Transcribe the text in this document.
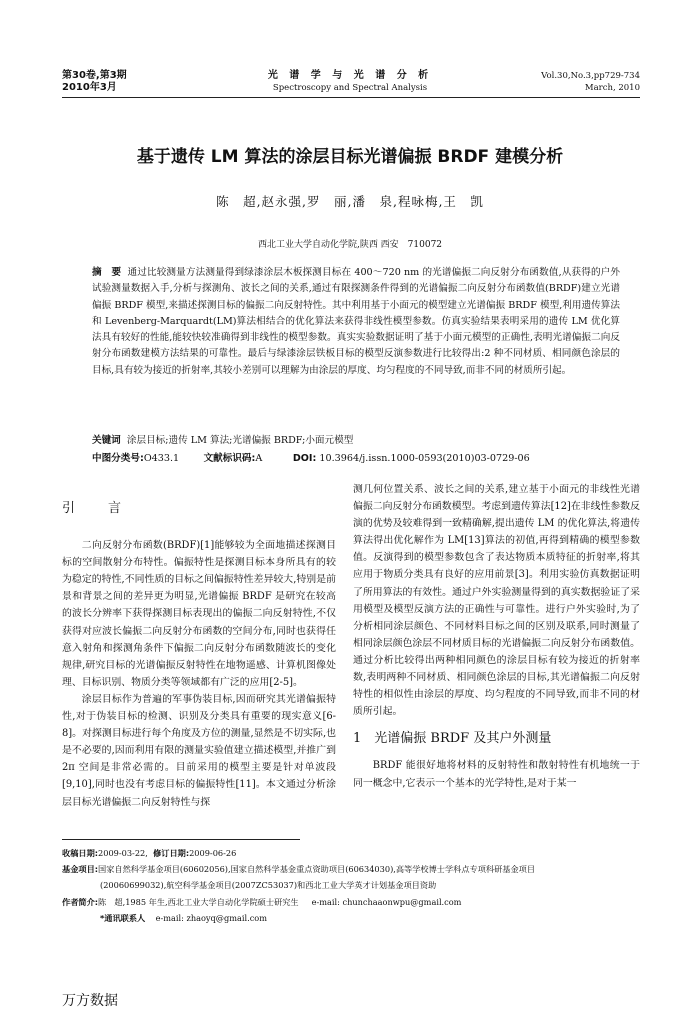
第30卷,第3期
2010年3月
光 谱 学 与 光 谱 分 析
Spectroscopy and Spectral Analysis
Vol.30,No.3,pp729-734
March, 2010
基于遗传 LM 算法的涂层目标光谱偏振 BRDF 建模分析
陈　超,赵永强,罗　丽,潘　泉,程咏梅,王　凯
西北工业大学自动化学院,陕西 西安　710072
摘　要 通过比较测量方法测量得到绿漆涂层木板探测目标在 400～720 nm 的光谱偏振二向反射分布函数值,从获得的户外试验测量数据入手,分析与探测角、波长之间的关系,通过有限探测条件得到的光谱偏振二向反射分布函数值(BRDF)建立光谱偏振 BRDF 模型,来描述探测目标的偏振二向反射特性。其中利用基于小面元的模型建立光谱偏振 BRDF 模型,利用遗传算法和 Levenberg-Marquardt(LM)算法相结合的优化算法来获得非线性模型参数。仿真实验结果表明采用的遗传 LM 优化算法具有较好的性能,能较快较准确得到非线性的模型参数。真实实验数据证明了基于小面元模型的正确性,表明光谱偏振二向反射分布函数建模方法结果的可靠性。最后与绿漆涂层铁板目标的模型反演参数进行比较得出:2 种不同材质、相同颜色涂层的目标,具有较为接近的折射率,其较小差别可以理解为由涂层的厚度、均匀程度的不同导致,而非不同的材质所引起。
关键词 涂层目标;遗传 LM 算法;光谱偏振 BRDF;小面元模型
中图分类号:O433.1	文献标识码:A	DOI: 10.3964/j.issn.1000-0593(2010)03-0729-06
引　言
二向反射分布函数(BRDF)[1]能够较为全面地描述探测目标的空间散射分布特性。偏振特性是探测目标本身所具有的较为稳定的特性,不同性质的目标之间偏振特性差异较大,特别是前景和背景之间的差异更为明显,光谱偏振 BRDF 是研究在较高的波长分辨率下获得探测目标表现出的偏振二向反射特性,不仅获得对应波长偏振二向反射分布函数的空间分布,同时也获得任意入射角和探测角条件下偏振二向反射分布函数随波长的变化规律,研究目标的光谱偏振反射特性在地物遥感、计算机图像处理、目标识别、物质分类等领域都有广泛的应用[2-5]。
涂层目标作为普遍的军事伪装目标,因而研究其光谱偏振特性,对于伪装目标的检测、识别及分类具有重要的现实意义[6-8]。对探测目标进行每个角度及方位的测量,显然是不切实际,也是不必要的,因而利用有限的测量实验值建立描述模型,并推广到 2π 空间是非常必需的。目前采用的模型主要是针对单波段[9,10],同时也没有考虑目标的偏振特性[11]。本文通过分析涂层目标光谱偏振二向反射特性与探
测几何位置关系、波长之间的关系,建立基于小面元的非线性光谱偏振二向反射分布函数模型。考虑到遗传算法[12]在非线性参数反演的优势及较难得到一致精确解,提出遗传 LM 的优化算法,将遗传算法得出优化解作为 LM[13]算法的初值,再得到精确的模型参数值。反演得到的模型参数包含了表达物质本质特征的折射率,将其应用于物质分类具有良好的应用前景[3]。利用实验仿真数据证明了所用算法的有效性。通过户外实验测量得到的真实数据验证了采用模型及模型反演方法的正确性与可靠性。进行户外实验时,为了分析相同涂层颜色、不同材料目标之间的区别及联系,同时测量了相同涂层颜色涂层不同材质目标的光谱偏振二向反射分布函数值。通过分析比较得出两种相同颜色的涂层目标有较为接近的折射率数,表明两种不同材质、相同颜色涂层的目标,其光谱偏振二向反射特性的相似性由涂层的厚度、均匀程度的不同导致,而非不同的材质所引起。
1　光谱偏振 BRDF 及其户外测量
BRDF 能很好地将材料的反射特性和散射特性有机地统一于同一概念中,它表示一个基本的光学特性,是对于某一
收稿日期:2009-03-22, 修订日期:2009-06-26
基金项目:国家自然科学基金项目(60602056),国家自然科学基金重点资助项目(60634030),高等学校博士学科点专项科研基金项目
(20060699032),航空科学基金项目(2007ZC53037)和西北工业大学英才计划基金项目资助
作者简介:陈　超,1985 年生,西北工业大学自动化学院硕士研究生 e-mail: chunchaaonwpu@gmail.com
*通讯联系人 e-mail: zhaoyq@gmail.com
万方数据
